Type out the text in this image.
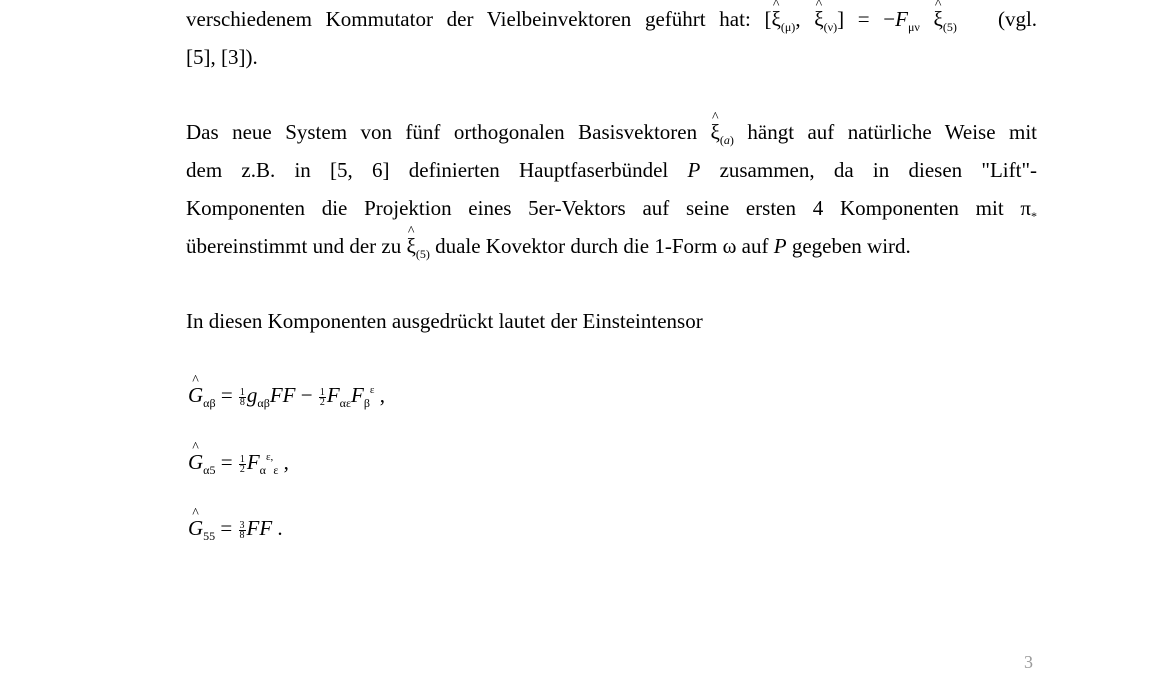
verschiedenem Kommutator der Vielbeinvektoren geführt hat: [^ $\xi_{(\mu)}$, ^ $\xi_{(\nu)}] = -F_{\mu\nu}$ ^ $\xi_{(5)}$ (vgl.
[5], [3]).
Das neue System von fünf orthogonalen Basisvektoren ^ $\xi_{(a)}$ hängt auf natürliche Weise mit
dem z.B. in [5, 6] definierten Hauptfaserbündel P zusammen, da in diesen "Lift"-
Komponenten die Projektion eines 5er-Vektors auf seine ersten 4 Komponenten mit $\pi_*$
übereinstimmt und der zu ^ $\xi_{(5)}$ duale Kovektor durch die 1-Form ω auf P gegeben wird.
In diesen Komponenten ausgedrückt lautet der Einsteintensor
^ $G_{\alpha\beta} = \frac{1}{8} g_{\alpha\beta}FF - \frac{1}{2} F_{\alpha\varepsilon}F_\beta^\varepsilon$ ,
^ $G_{\alpha 5} = \frac{1}{2} F_\alpha^{\varepsilon,}_\varepsilon$ ,
^ $G_{55} = \frac{3}{8}$ FF .
3
